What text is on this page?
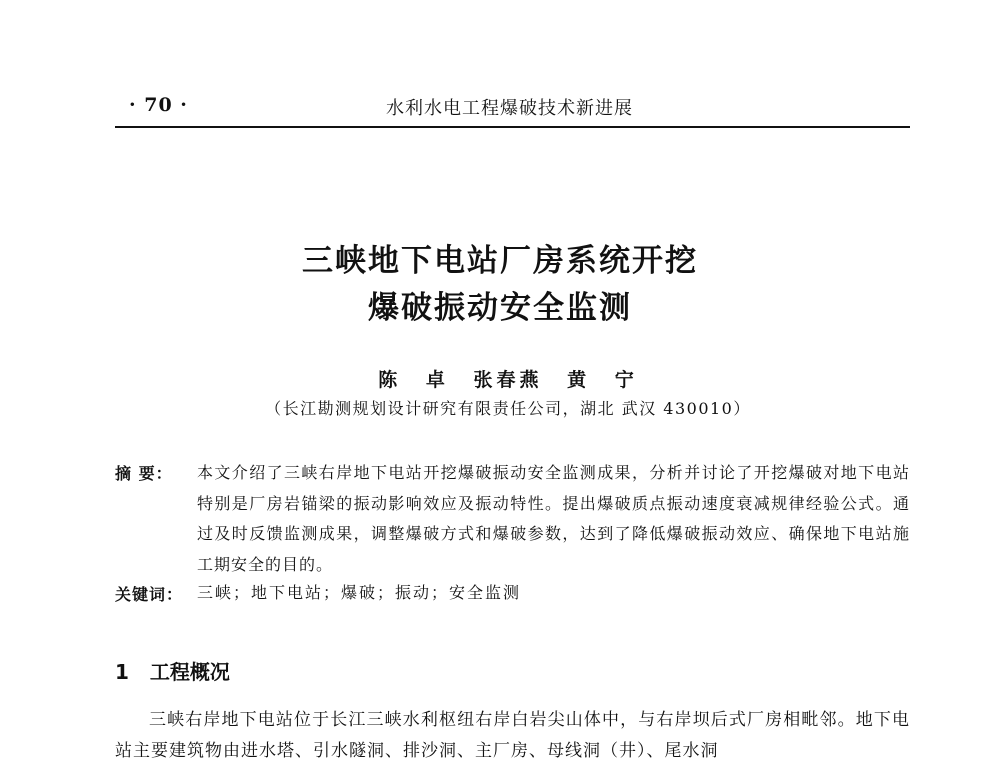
· 70 ·	水利水电工程爆破技术新进展
三峡地下电站厂房系统开挖
爆破振动安全监测
陈 卓 张春燕 黄 宁
（长江勘测规划设计研究有限责任公司，湖北 武汉 430010）
摘 要： 本文介绍了三峡右岸地下电站开挖爆破振动安全监测成果，分析并讨论了开挖爆破对地下电站特别是厂房岩锚梁的振动影响效应及振动特性。提出爆破质点振动速度衰减规律经验公式。通过及时反馈监测成果，调整爆破方式和爆破参数，达到了降低爆破振动效应、确保地下电站施工期安全的目的。
关键词： 三峡；地下电站；爆破；振动；安全监测
1 工程概况

三峡右岸地下电站位于长江三峡水利枢纽右岸白岩尖山体中，与右岸坝后式厂房相毗邻。地下电站主要建筑物由进水塔、引水隧洞、排沙洞、主厂房、母线洞（井）、尾水洞
